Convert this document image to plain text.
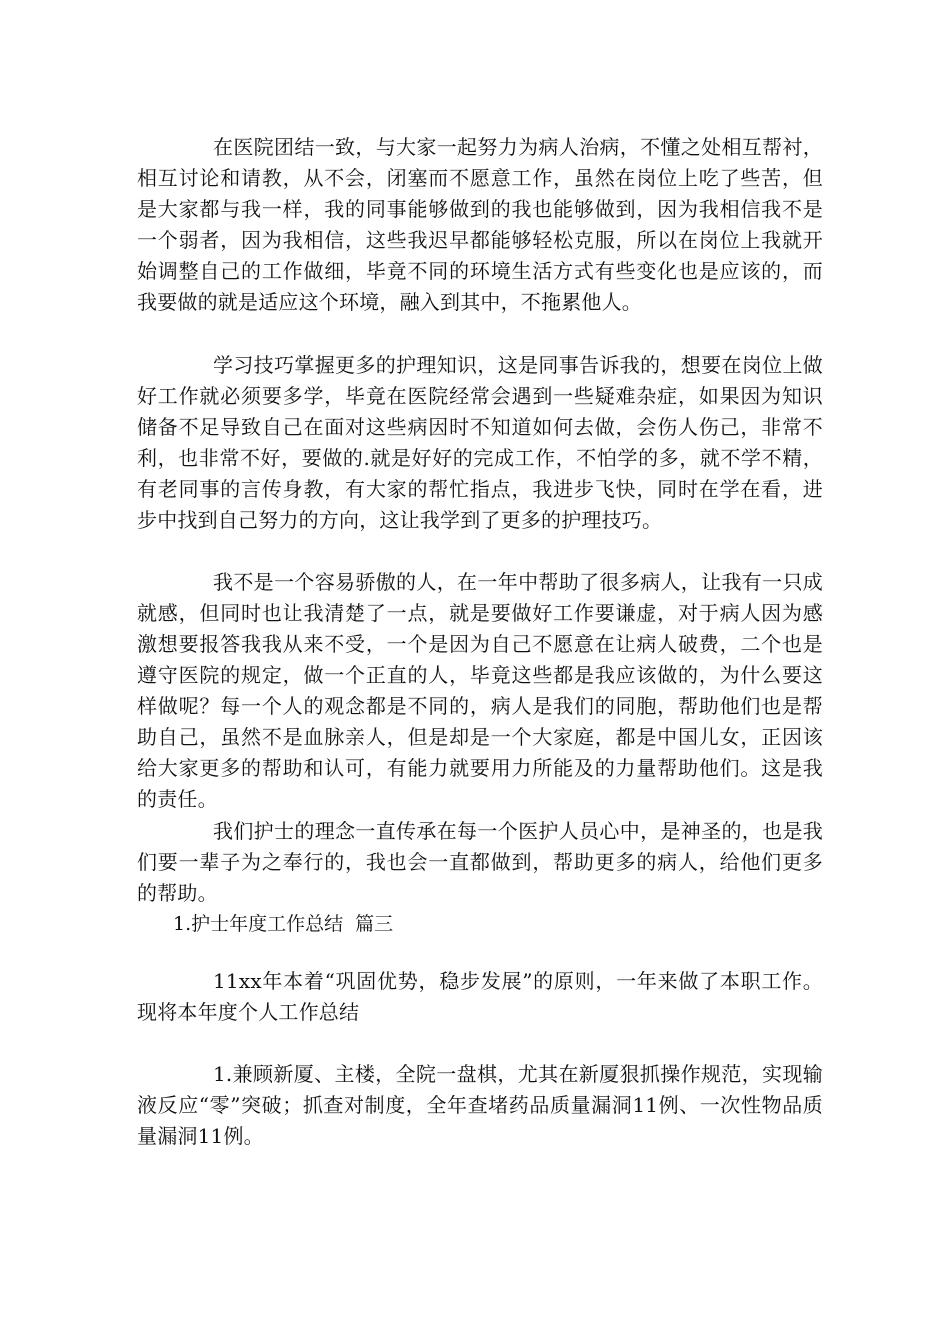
在医院团结一致，与大家一起努力为病人治病，不懂之处相互帮衬，相互讨论和请教，从不会，闭塞而不愿意工作，虽然在岗位上吃了些苦，但是大家都与我一样，我的同事能够做到的我也能够做到，因为我相信我不是一个弱者，因为我相信，这些我迟早都能够轻松克服，所以在岗位上我就开始调整自己的工作做细，毕竟不同的环境生活方式有些变化也是应该的，而我要做的就是适应这个环境，融入到其中，不拖累他人。

学习技巧掌握更多的护理知识，这是同事告诉我的，想要在岗位上做好工作就必须要多学，毕竟在医院经常会遇到一些疑难杂症，如果因为知识储备不足导致自己在面对这些病因时不知道如何去做，会伤人伤己，非常不利，也非常不好，要做的.就是好好的完成工作，不怕学的多，就不学不精，有老同事的言传身教，有大家的帮忙指点，我进步飞快，同时在学在看，进步中找到自己努力的方向，这让我学到了更多的护理技巧。

我不是一个容易骄傲的人，在一年中帮助了很多病人，让我有一只成就感，但同时也让我清楚了一点，就是要做好工作要谦虚，对于病人因为感激想要报答我我从来不受，一个是因为自己不愿意在让病人破费，二个也是遵守医院的规定，做一个正直的人，毕竟这些都是我应该做的，为什么要这样做呢？每一个人的观念都是不同的，病人是我们的同胞，帮助他们也是帮助自己，虽然不是血脉亲人，但是却是一个大家庭，都是中国儿女，正因该给大家更多的帮助和认可，有能力就要用力所能及的力量帮助他们。这是我的责任。

我们护士的理念一直传承在每一个医护人员心中，是神圣的，也是我们要一辈子为之奉行的，我也会一直都做到，帮助更多的病人，给他们更多的帮助。

1.护士年度工作总结 篇三

11xx年本着“巩固优势，稳步发展”的原则，一年来做了本职工作。现将本年度个人工作总结

1.兼顾新厦、主楼，全院一盘棋，尤其在新厦狠抓操作规范，实现输液反应“零”突破；抓查对制度，全年查堵药品质量漏洞11例、一次性物品质量漏洞11例。
